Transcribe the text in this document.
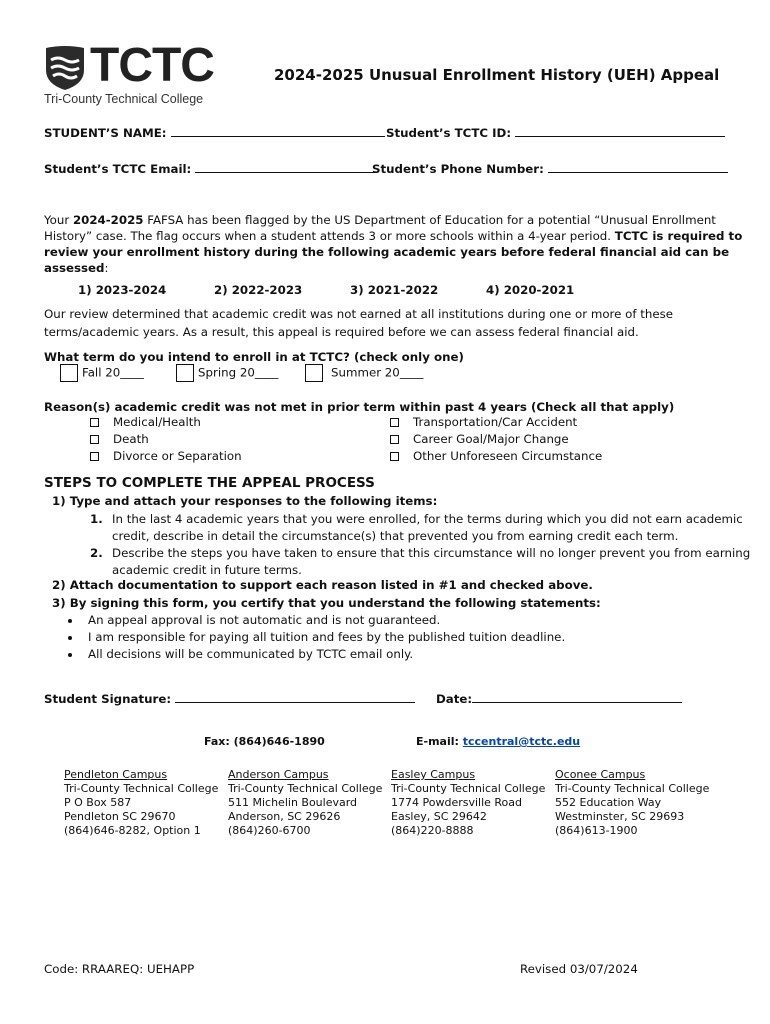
TCTC
Tri-County Technical College
2024-2025 Unusual Enrollment History (UEH) Appeal
STUDENT’S NAME:	Student’s TCTC ID:
Student’s TCTC Email:	Student’s Phone Number:
Your 2024-2025 FAFSA has been flagged by the US Department of Education for a potential “Unusual Enrollment
History” case. The flag occurs when a student attends 3 or more schools within a 4-year period. TCTC is required to
review your enrollment history during the following academic years before federal financial aid can be
assessed:
1) 2023-2024	2) 2022-2023	3) 2021-2022	4) 2020-2021
Our review determined that academic credit was not earned at all institutions during one or more of these
terms/academic years. As a result, this appeal is required before we can assess federal financial aid.
What term do you intend to enroll in at TCTC? (check only one)
Fall 20____	Spring 20____	Summer 20____
Reason(s) academic credit was not met in prior term within past 4 years (Check all that apply)
Medical/Health
Death
Divorce or Separation
Transportation/Car Accident
Career Goal/Major Change
Other Unforeseen Circumstance
STEPS TO COMPLETE THE APPEAL PROCESS
1) Type and attach your responses to the following items:
1. In the last 4 academic years that you were enrolled, for the terms during which you did not earn academic
credit, describe in detail the circumstance(s) that prevented you from earning credit each term.
2. Describe the steps you have taken to ensure that this circumstance will no longer prevent you from earning
academic credit in future terms.
2) Attach documentation to support each reason listed in #1 and checked above.
3) By signing this form, you certify that you understand the following statements:
An appeal approval is not automatic and is not guaranteed.
I am responsible for paying all tuition and fees by the published tuition deadline.
All decisions will be communicated by TCTC email only.
Student Signature:	Date:
Fax: (864)646-1890	E-mail: tccentral@tctc.edu
Pendleton Campus
Tri-County Technical College
P O Box 587
Pendleton SC 29670
(864)646-8282, Option 1
Anderson Campus
Tri-County Technical College
511 Michelin Boulevard
Anderson, SC 29626
(864)260-6700
Easley Campus
Tri-County Technical College
1774 Powdersville Road
Easley, SC 29642
(864)220-8888
Oconee Campus
Tri-County Technical College
552 Education Way
Westminster, SC 29693
(864)613-1900
Code: RRAAREQ: UEHAPP	Revised 03/07/2024
